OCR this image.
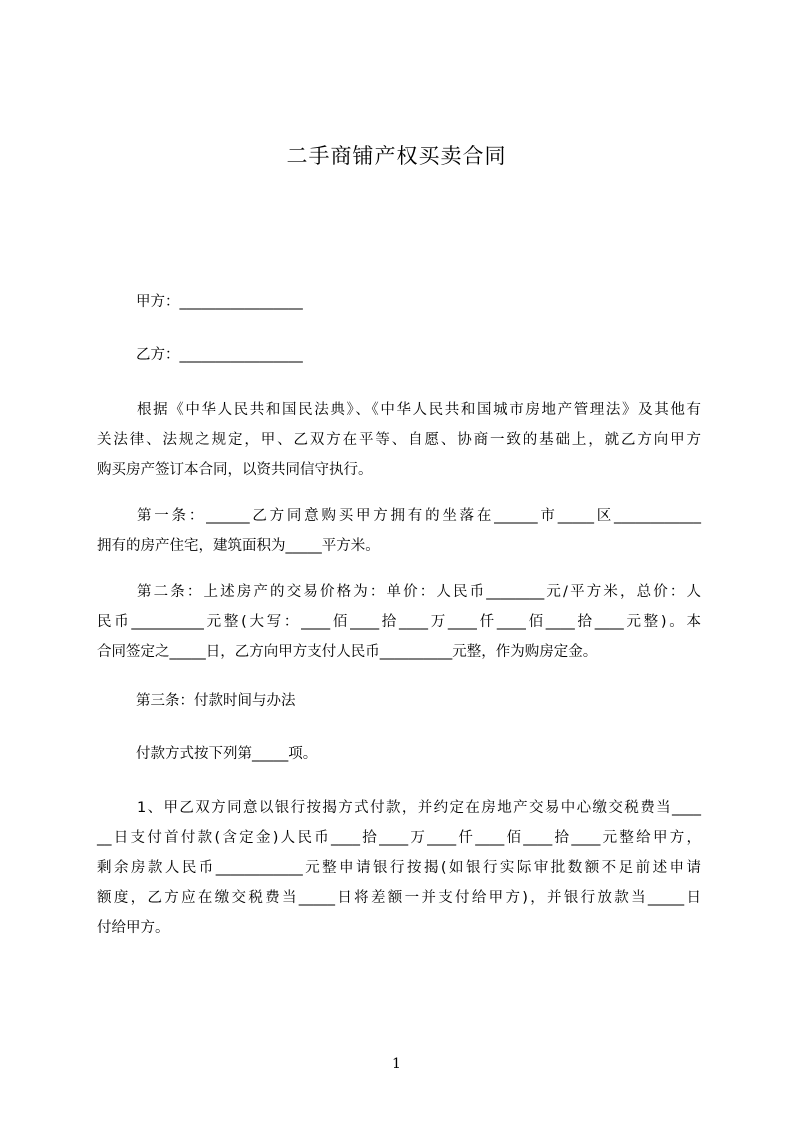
二手商铺产权买卖合同
甲方：_________________
乙方：_________________
根据《中华人民共和国民法典》、《中华人民共和国城市房地产管理法》及其他有
关法律、法规之规定，甲、乙双方在平等、自愿、协商一致的基础上，就乙方向甲方
购买房产签订本合同，以资共同信守执行。
第一条：______乙方同意购买甲方拥有的坐落在______市_____区____________
拥有的房产住宅，建筑面积为_____平方米。
第二条：上述房产的交易价格为：单价：人民币________元/平方米，总价：人
民币__________元整(大写：____佰____拾____万____仟____佰____拾____元整)。本
合同签定之_____日，乙方向甲方支付人民币__________元整，作为购房定金。
第三条：付款时间与办法
付款方式按下列第_____项。
1、甲乙双方同意以银行按揭方式付款，并约定在房地产交易中心缴交税费当____
__日支付首付款(含定金)人民币____拾____万____仟____佰____拾____元整给甲方，
剩余房款人民币____________元整申请银行按揭(如银行实际审批数额不足前述申请
额度，乙方应在缴交税费当_____日将差额一并支付给甲方)，并银行放款当_____日
付给甲方。
1
